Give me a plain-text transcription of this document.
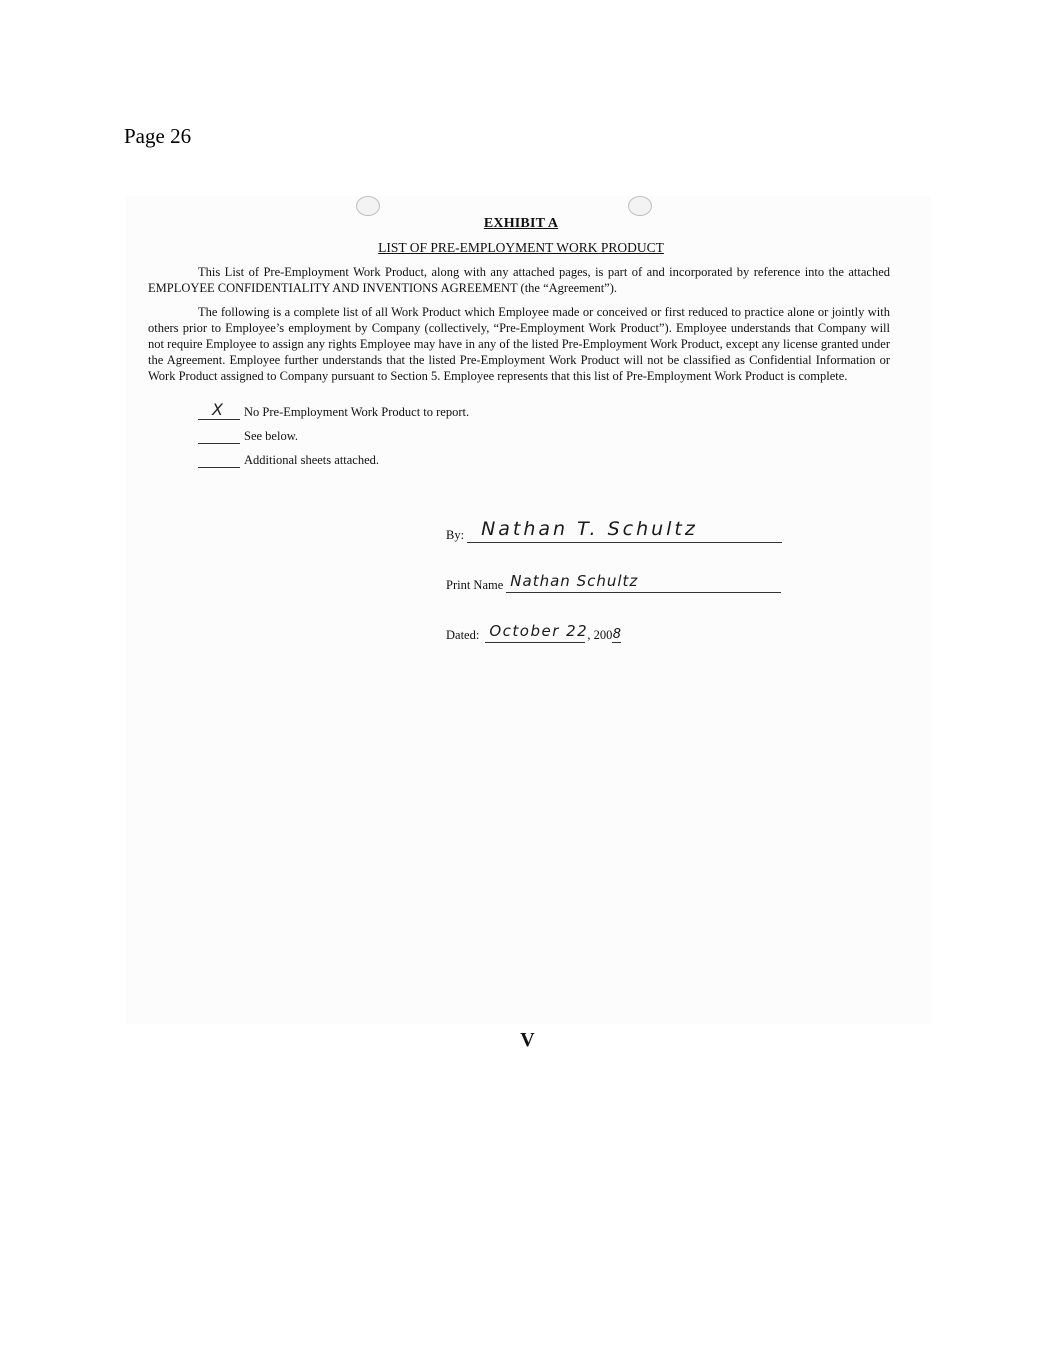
Page 26
EXHIBIT A
LIST OF PRE-EMPLOYMENT WORK PRODUCT

This List of Pre-Employment Work Product, along with any attached pages, is part of and incorporated by reference into the attached EMPLOYEE CONFIDENTIALITY AND INVENTIONS AGREEMENT (the “Agreement”).

The following is a complete list of all Work Product which Employee made or conceived or first reduced to practice alone or jointly with others prior to Employee’s employment by Company (collectively, “Pre-Employment Work Product”). Employee understands that Company will not require Employee to assign any rights Employee may have in any of the listed Pre-Employment Work Product, except any license granted under the Agreement. Employee further understands that the listed Pre-Employment Work Product will not be classified as Confidential Information or Work Product assigned to Company pursuant to Section 5. Employee represents that this list of Pre-Employment Work Product is complete.

X No Pre-Employment Work Product to report.
See below.
Additional sheets attached.
By: Nathan T. Schultz
Print Name Nathan Schultz
Dated: October 22 , 200 8
V
